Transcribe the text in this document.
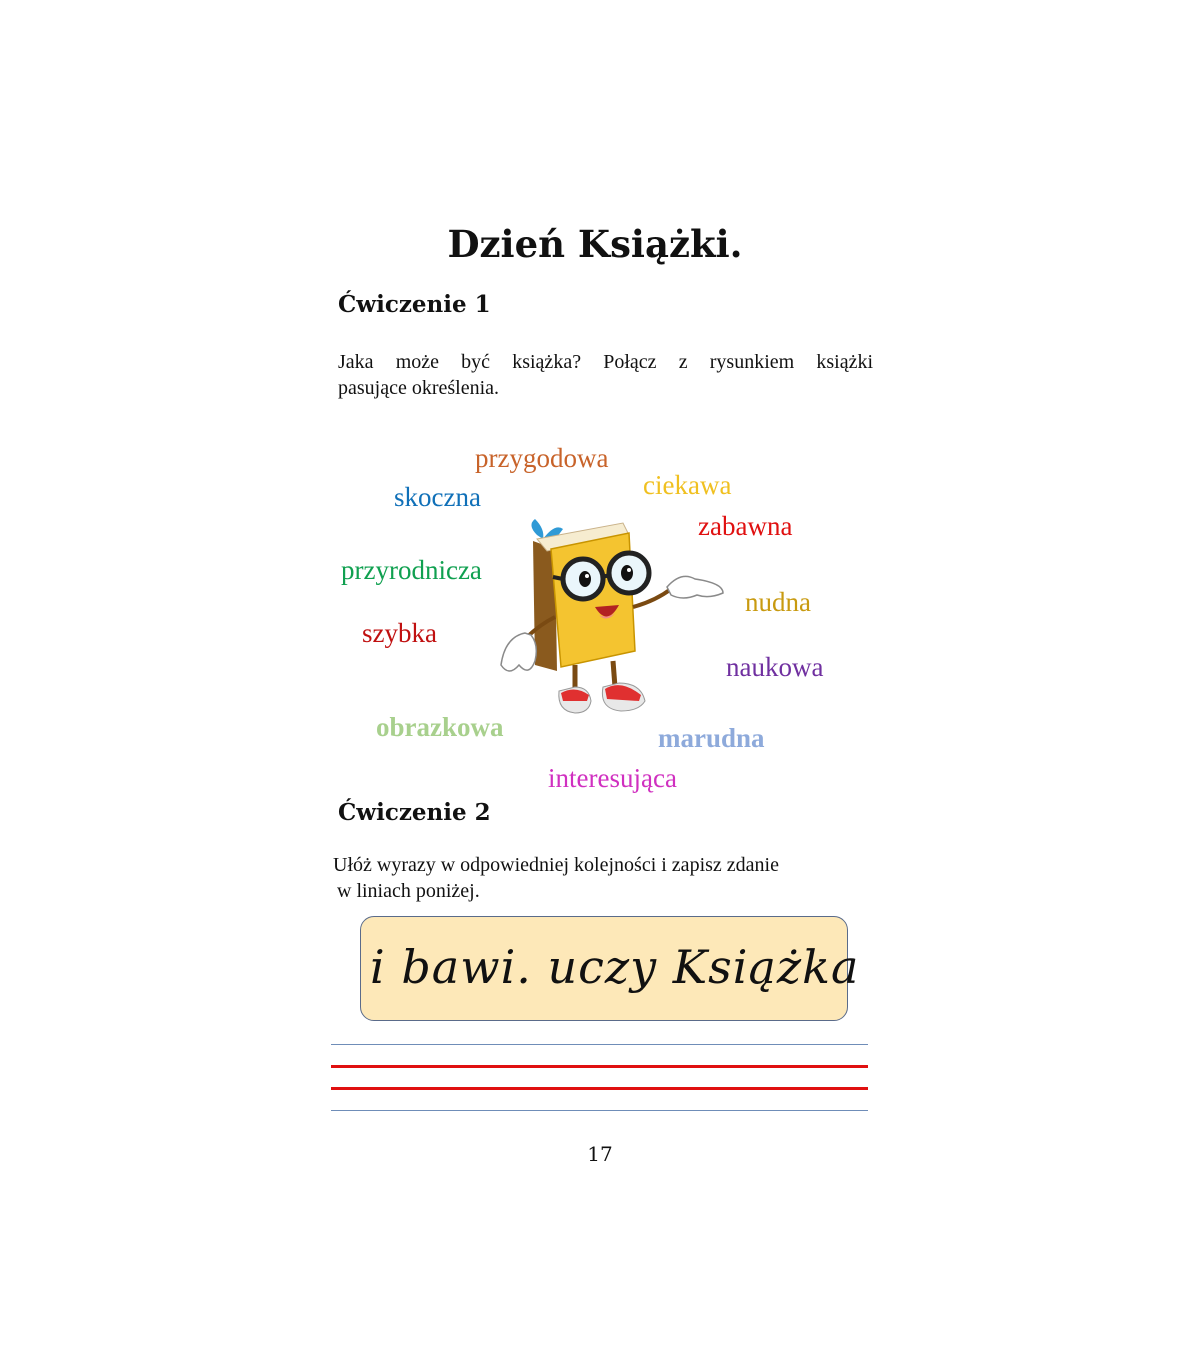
Dzień Książki.
Ćwiczenie 1
Jaka może być książka? Połącz z rysunkiem książki
pasujące określenia.
przygodowa
ciekawa
skoczna
zabawna
przyrodnicza
nudna
szybka
naukowa
obrazkowa	marudna
interesująca
Ćwiczenie 2
Ułóż wyrazy w odpowiedniej kolejności i zapisz zdanie
w liniach poniżej.
i bawi. uczy Książka
17
